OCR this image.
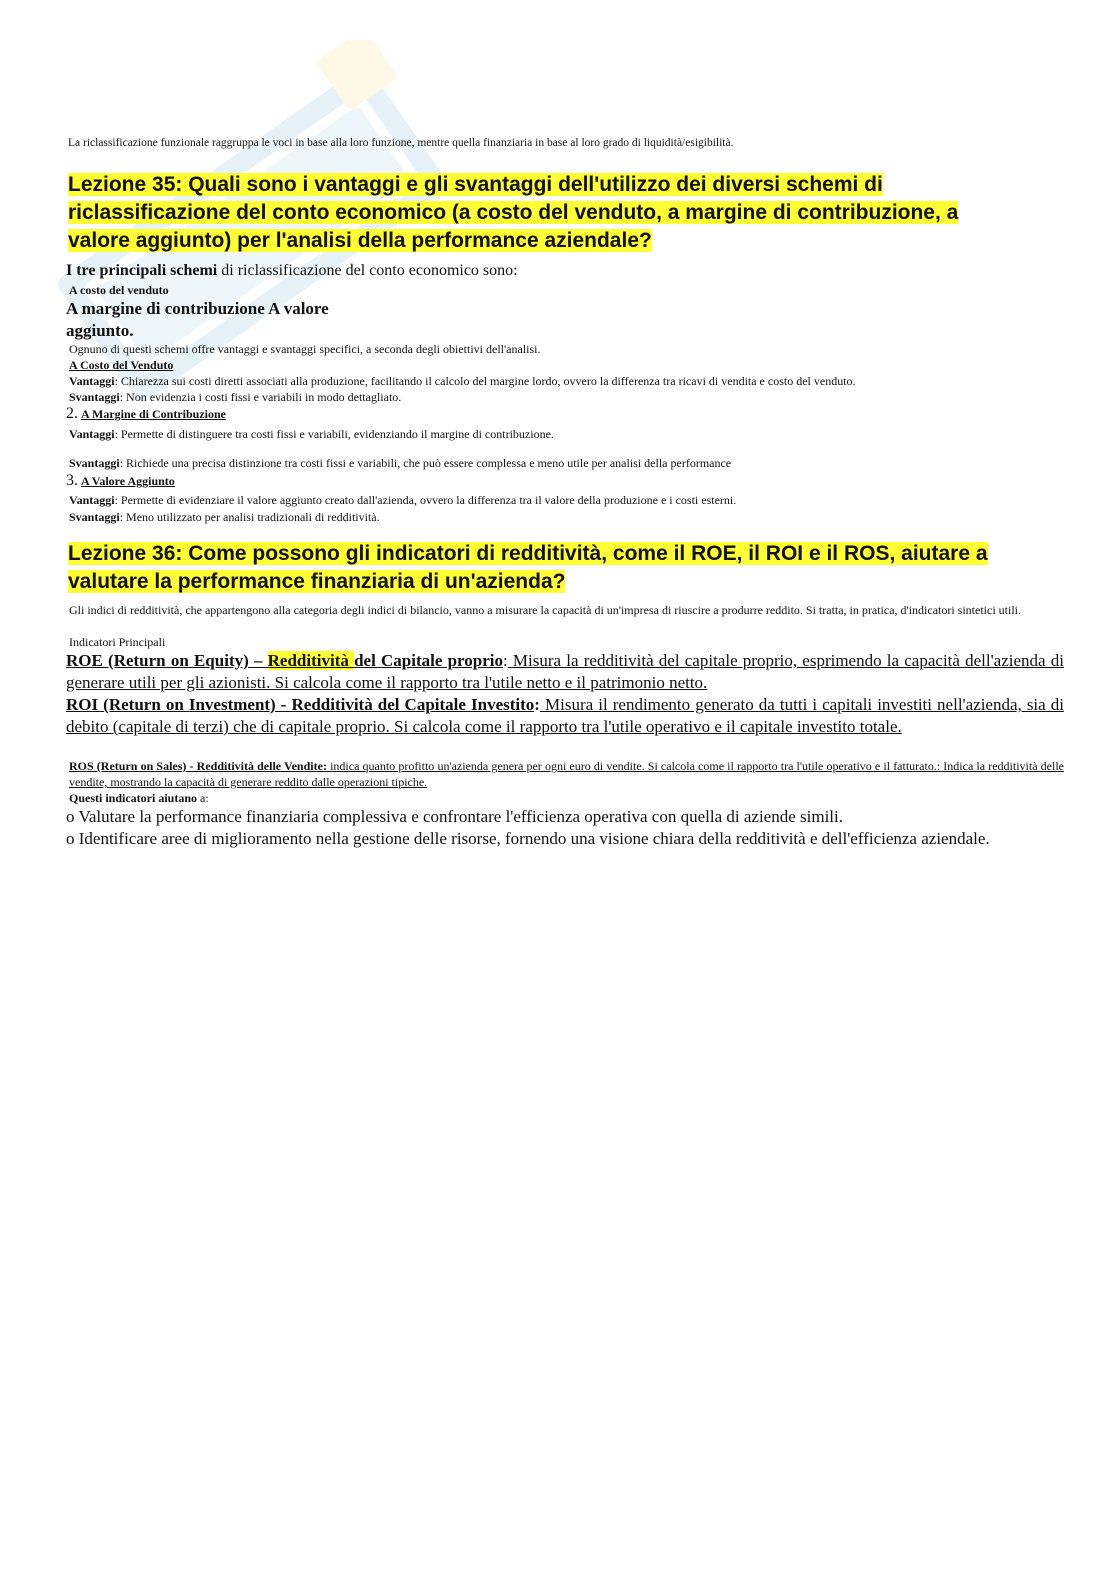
La riclassificazione funzionale raggruppa le voci in base alla loro funzione, mentre quella finanziaria in base al loro grado di liquidità/esigibilità.

Lezione 35: Quali sono i vantaggi e gli svantaggi dell'utilizzo dei diversi schemi di

riclassificazione del conto economico (a costo del venduto, a margine di contribuzione, a

valore aggiunto) per l'analisi della performance aziendale?

I tre principali schemi di riclassificazione del conto economico sono:

A costo del venduto

A margine di contribuzione A valore

aggiunto.

Ognuno di questi schemi offre vantaggi e svantaggi specifici, a seconda degli obiettivi dell'analisi.

A Costo del Venduto

Vantaggi: Chiarezza sui costi diretti associati alla produzione, facilitando il calcolo del margine lordo, ovvero la differenza tra ricavi di vendita e costo del venduto.

Svantaggi: Non evidenzia i costi fissi e variabili in modo dettagliato.

2. A Margine di Contribuzione

Vantaggi: Permette di distinguere tra costi fissi e variabili, evidenziando il margine di contribuzione.

Svantaggi: Richiede una precisa distinzione tra costi fissi e variabili, che può essere complessa e meno utile per analisi della performance

3. A Valore Aggiunto

Vantaggi: Permette di evidenziare il valore aggiunto creato dall'azienda, ovvero la differenza tra il valore della produzione e i costi esterni.

Svantaggi: Meno utilizzato per analisi tradizionali di redditività.

Lezione 36: Come possono gli indicatori di redditività, come il ROE, il ROI e il ROS, aiutare a

valutare la performance finanziaria di un'azienda?

Gli indici di redditività, che appartengono alla categoria degli indici di bilancio, vanno a misurare la capacità di un'impresa di riuscire a produrre reddito. Si tratta, in pratica, d'indicatori sintetici utili.

Indicatori Principali

ROE (Return on Equity) – Redditività del Capitale proprio: Misura la redditività del capitale proprio, esprimendo la capacità dell'azienda di generare utili per gli azionisti. Si calcola come il rapporto tra l'utile netto e il patrimonio netto.

ROI (Return on Investment) - Redditività del Capitale Investito: Misura il rendimento generato da tutti i capitali investiti nell'azienda, sia di debito (capitale di terzi) che di capitale proprio. Si calcola come il rapporto tra l'utile operativo e il capitale investito totale.

ROS (Return on Sales) - Redditività delle Vendite: indica quanto profitto un'azienda genera per ogni euro di vendite. Si calcola come il rapporto tra l'utile operativo e il fatturato.: Indica la redditività delle vendite, mostrando la capacità di generare reddito dalle operazioni tipiche.

Questi indicatori aiutano a:

o Valutare la performance finanziaria complessiva e confrontare l'efficienza operativa con quella di aziende simili.

o Identificare aree di miglioramento nella gestione delle risorse, fornendo una visione chiara della redditività e dell'efficienza aziendale.
